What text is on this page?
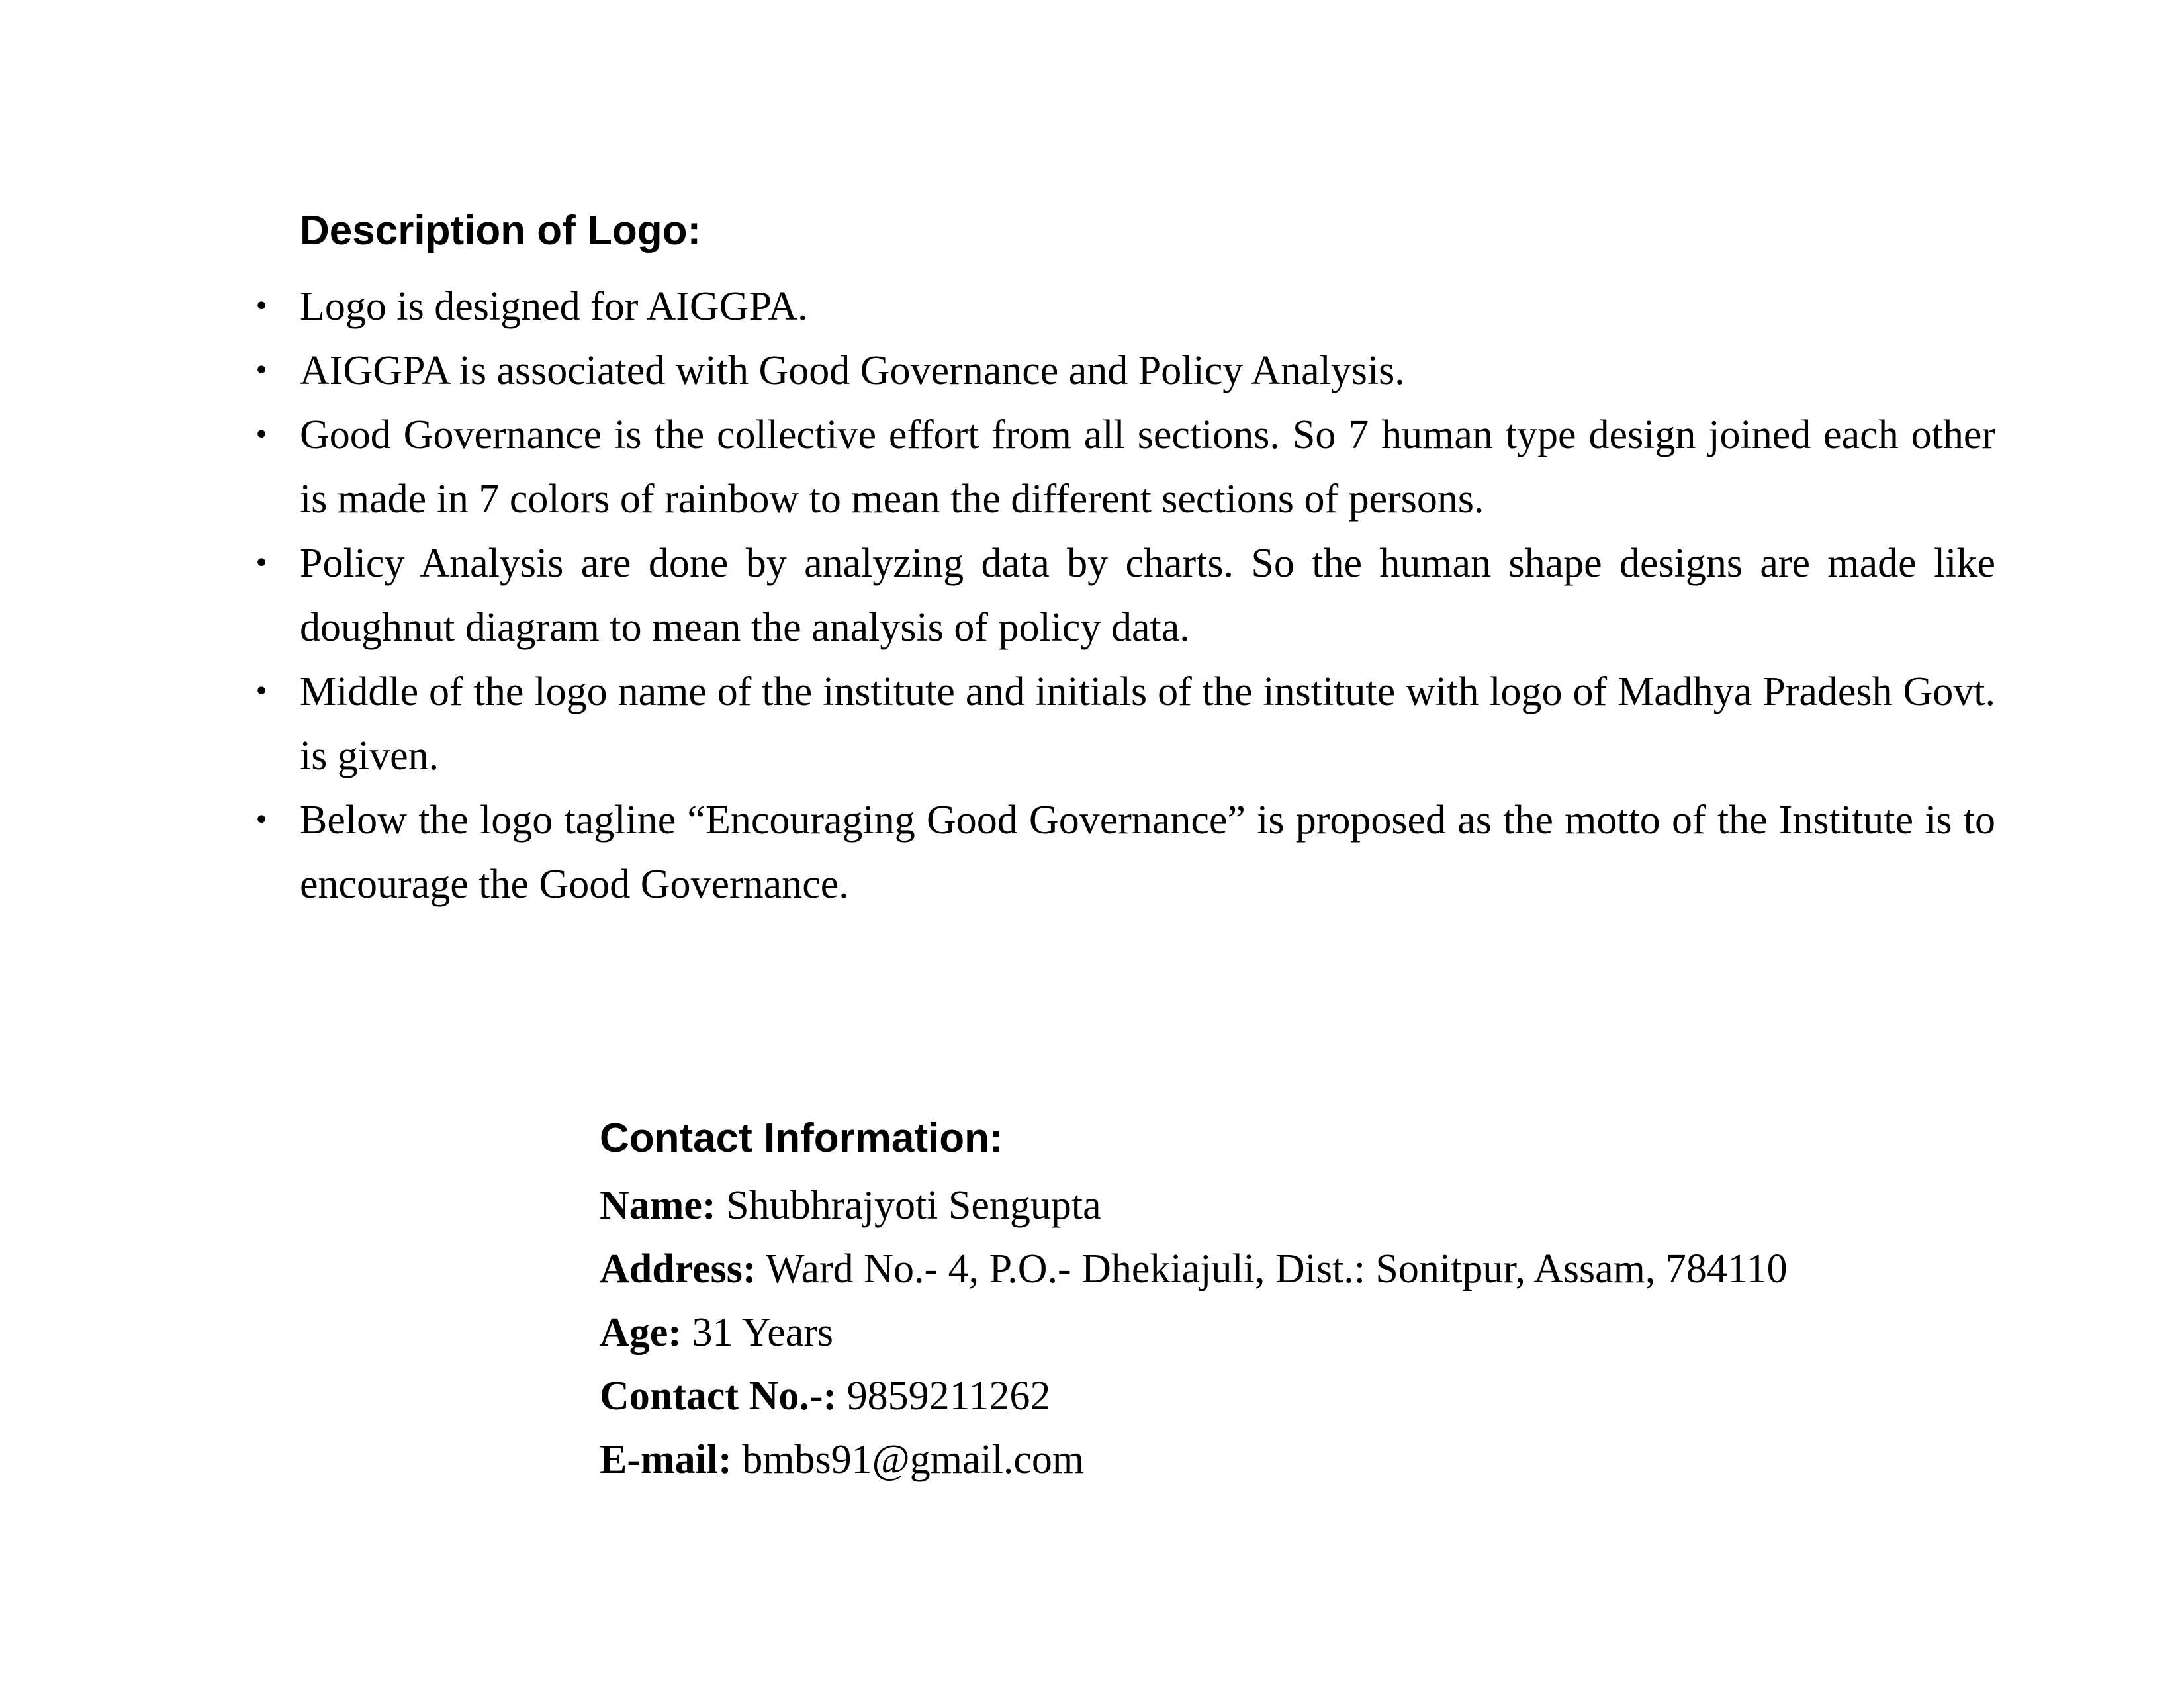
Description of Logo:
• Logo is designed for AIGGPA.
• AIGGPA is associated with Good Governance and Policy Analysis.
• Good Governance is the collective effort from all sections. So 7 human type design joined each other is made in 7 colors of rainbow to mean the different sections of persons.
• Policy Analysis are done by analyzing data by charts. So the human shape designs are made like doughnut diagram to mean the analysis of policy data.
• Middle of the logo name of the institute and initials of the institute with logo of Madhya Pradesh Govt. is given.
• Below the logo tagline “Encouraging Good Governance” is proposed as the motto of the Institute is to encourage the Good Governance.
Contact Information:

Name: Shubhrajyoti Sengupta

Address: Ward No.- 4, P.O.- Dhekiajuli, Dist.: Sonitpur, Assam, 784110

Age: 31 Years

Contact No.-: 9859211262

E-mail: bmbs91@gmail.com
